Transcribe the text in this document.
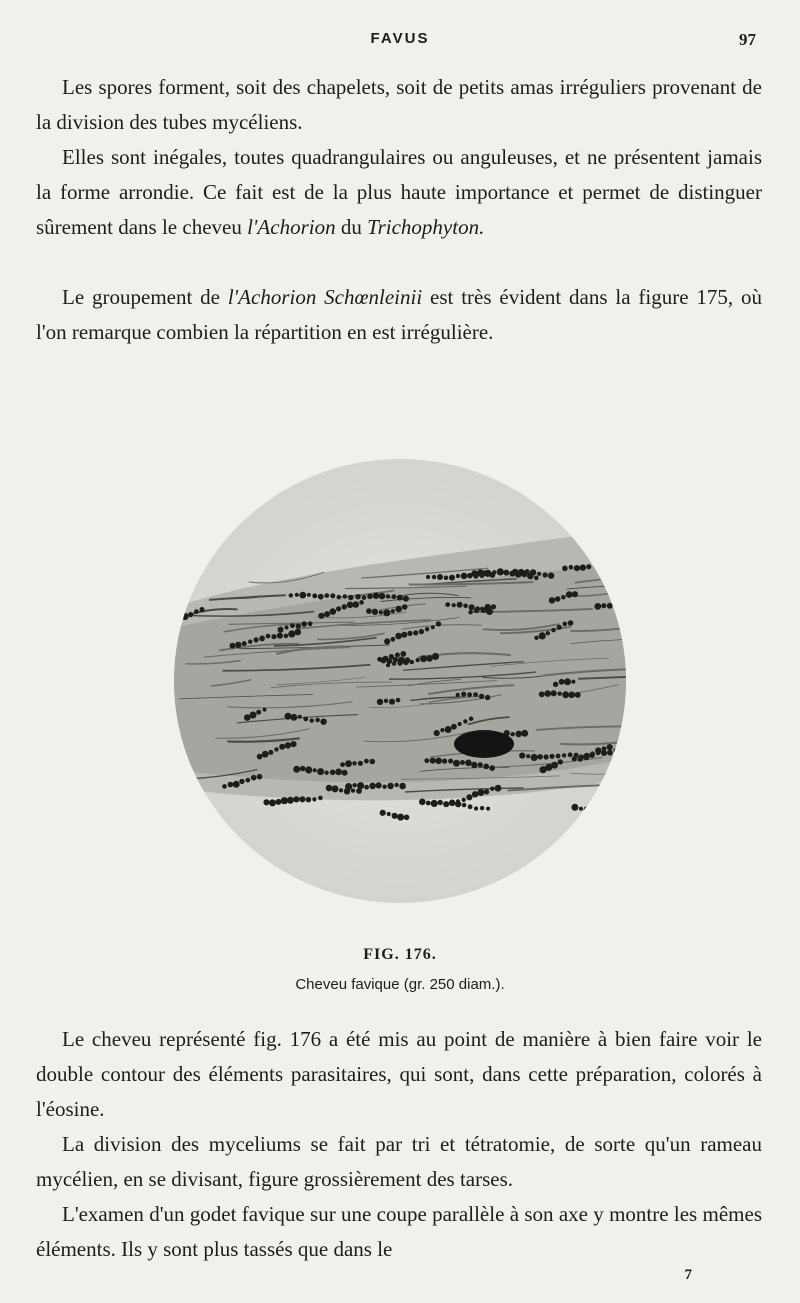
FAVUS	97

Les spores forment, soit des chapelets, soit de petits amas irréguliers provenant de la division des tubes mycéliens.

Elles sont inégales, toutes quadrangulaires ou anguleuses, et ne présentent jamais la forme arrondie. Ce fait est de la plus haute importance et permet de distinguer sûrement dans le cheveu l'Achorion du Trichophyton.

Le groupement de l'Achorion Schœnleinii est très évident dans la figure 175, où l'on remarque combien la répartition en est irrégulière.

FIG. 176.
Cheveu favique (gr. 250 diam.).

Le cheveu représenté fig. 176 a été mis au point de manière à bien faire voir le double contour des éléments parasitaires, qui sont, dans cette préparation, colorés à l'éosine.

La division des myceliums se fait par tri et tétratomie, de sorte qu'un rameau mycélien, en se divisant, figure grossièrement des tarses.

L'examen d'un godet favique sur une coupe parallèle à son axe y montre les mêmes éléments. Ils y sont plus tassés que dans le

7
